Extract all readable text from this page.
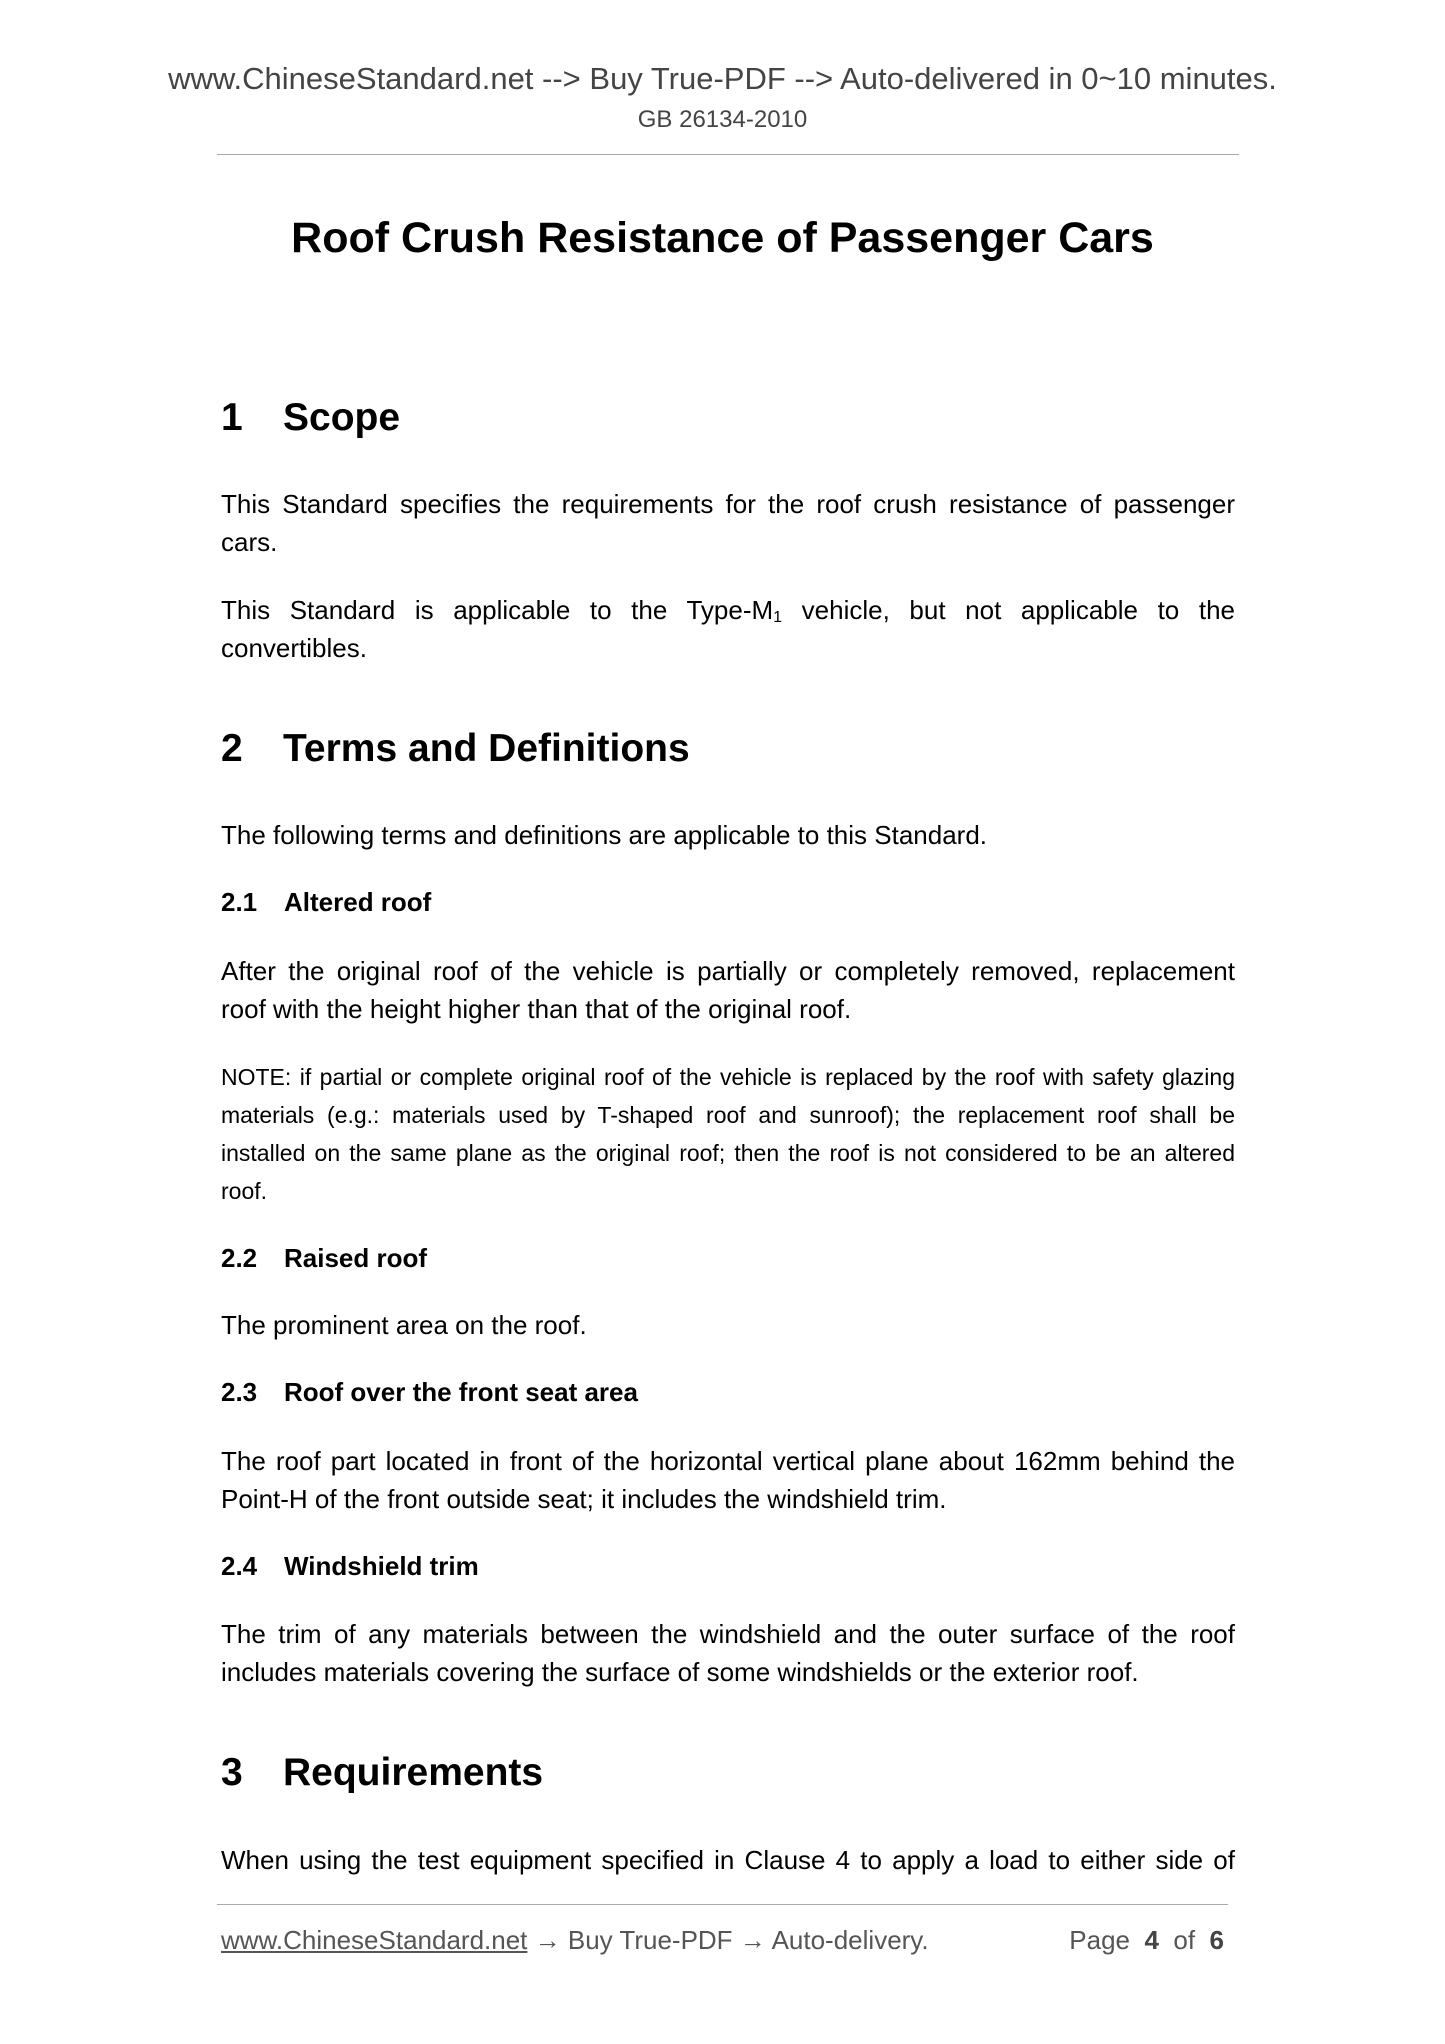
www.ChineseStandard.net --> Buy True-PDF --> Auto-delivered in 0~10 minutes.
GB 26134-2010
Roof Crush Resistance of Passenger Cars
1 Scope
This Standard specifies the requirements for the roof crush resistance of passenger
cars.
This Standard is applicable to the Type-$M_1$ vehicle, but not applicable to the
convertibles.
2 Terms and Definitions
The following terms and definitions are applicable to this Standard.
2.1 Altered roof
After the original roof of the vehicle is partially or completely removed, replacement
roof with the height higher than that of the original roof.
NOTE: if partial or complete original roof of the vehicle is replaced by the roof with safety glazing
materials (e.g.: materials used by T-shaped roof and sunroof); the replacement roof shall be
installed on the same plane as the original roof; then the roof is not considered to be an altered
roof.
2.2 Raised roof
The prominent area on the roof.
2.3 Roof over the front seat area
The roof part located in front of the horizontal vertical plane about 162mm behind the
Point-H of the front outside seat; it includes the windshield trim.
2.4 Windshield trim
The trim of any materials between the windshield and the outer surface of the roof
includes materials covering the surface of some windshields or the exterior roof.
3 Requirements
When using the test equipment specified in Clause 4 to apply a load to either side of
www.ChineseStandard.net → Buy True-PDF → Auto-delivery.	Page 4 of 6
